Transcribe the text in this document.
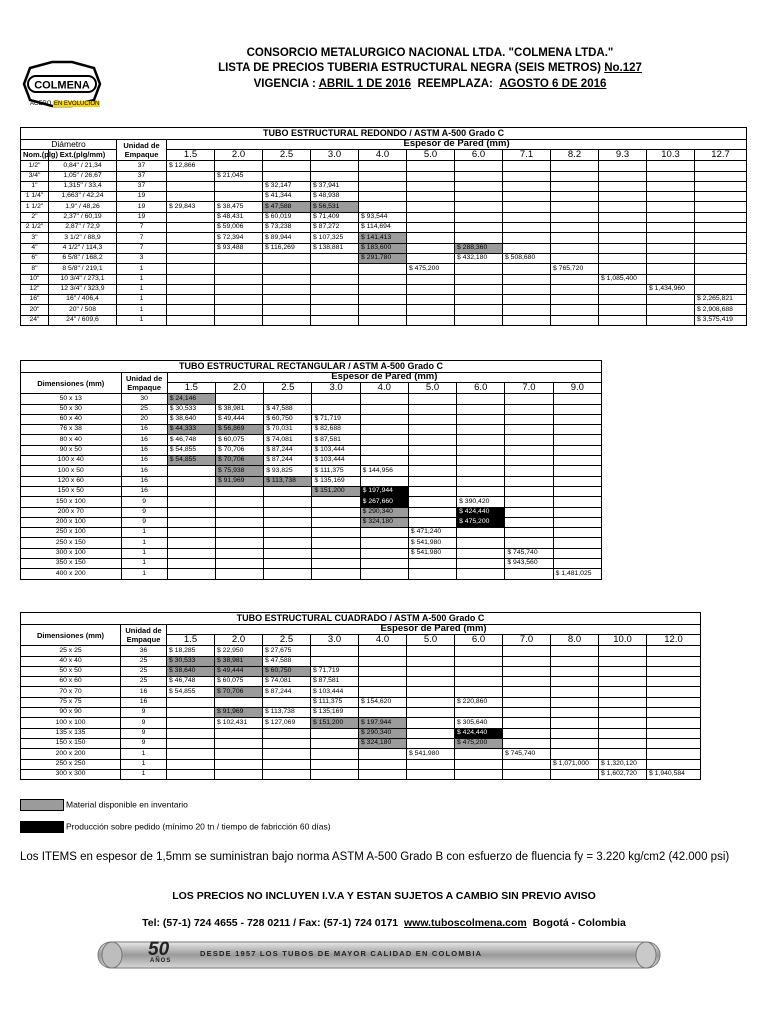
COLMENA
ACERO EN EVOLUCIÓN
CONSORCIO METALURGICO NACIONAL LTDA. "COLMENA LTDA."
LISTA DE PRECIOS TUBERIA ESTRUCTURAL NEGRA (SEIS METROS) No.127
VIGENCIA : ABRIL 1 DE 2016 REEMPLAZA: AGOSTO 6 DE 2016
TUBO ESTRUCTURAL REDONDO / ASTM A-500 Grado C														
Diámetro		Unidad de Empaque	Espesor de Pared (mm)											
Nom.(plg)	Ext.(plg/mm)		1.5	2.0	2.5	3.0	4.0	5.0	6.0	7.1	8.2	9.3	10.3	12.7
1/2"	0,84" / 21,34	37	$ 12,866											
3/4"	1,05" / 26,67	37		$ 21,045										
1"	1,315" / 33,4	37			$ 32,147	$ 37,941								
1 1/4"	1,663" / 42,24	19			$ 41,344	$ 48,938								
1 1/2"	1,9" / 48,26	19	$ 29,843	$ 38,475	$ 47,588	$ 56,531								
2"	2,37" / 60,19	19		$ 48,431	$ 60,019	$ 71,409	$ 93,544							
2 1/2"	2,87" / 72,9	7		$ 59,006	$ 73,238	$ 87,272	$ 114,694							
3"	3 1/2" / 88,9	7		$ 72,394	$ 89,944	$ 107,325	$ 141,413							
4"	4 1/2" / 114,3	7		$ 93,488	$ 116,269	$ 138,881	$ 183,600		$ 288,360					
6"	6 5/8" / 168,2	3					$ 291,780		$ 432,180	$ 508,680				
8"	8 5/8" / 219,1	1						$ 475,200			$ 765,720			
10"	10 3/4" / 273,1	1										$ 1,085,400		
12"	12 3/4" / 323,9	1											$ 1,434,960	
16"	16" / 406,4	1												$ 2,265,821
20"	20" / 508	1												$ 2,908,688
24"	24" / 609,6	1												$ 3,575,419
TUBO ESTRUCTURAL RECTANGULAR / ASTM A-500 Grado C										
Dimensiones (mm)	Unidad de Empaque	Espesor de Pared (mm)								
		1.5	2.0	2.5	3.0	4.0	5.0	6.0	7.0	9.0
50 x 13	30	$ 24,146								
50 x 30	25	$ 30,533	$ 38,981	$ 47,588						
60 x 40	20	$ 38,640	$ 49,444	$ 60,750	$ 71,719					
76 x 38	16	$ 44,333	$ 56,869	$ 70,031	$ 82,688					
80 x 40	16	$ 46,748	$ 60,075	$ 74,081	$ 87,581					
90 x 50	16	$ 54,855	$ 70,706	$ 87,244	$ 103,444					
100 x 40	16	$ 54,855	$ 70,706	$ 87,244	$ 103,444					
100 x 50	16		$ 75,938	$ 93,825	$ 111,375	$ 144,956				
120 x 60	16		$ 91,969	$ 113,738	$ 135,169					
150 x 50	16				$ 151,200	$ 197,944				
150 x 100	9					$ 267,660		$ 390,420		
200 x 70	9					$ 290,340		$ 424,440		
200 x 100	9					$ 324,180		$ 475,200		
250 x 100	1						$ 471,240			
250 x 150	1						$ 541,980			
300 x 100	1						$ 541,980		$ 745,740	
350 x 150	1								$ 943,560	
400 x 200	1									$ 1,481,025
TUBO ESTRUCTURAL CUADRADO / ASTM A-500 Grado C												
Dimensiones (mm)	Unidad de Empaque	Espesor de Pared (mm)										
		1.5	2.0	2.5	3.0	4.0	5.0	6.0	7.0	8.0	10.0	12.0
25 x 25	36	$ 18,285	$ 22,950	$ 27,675								
40 x 40	25	$ 30,533	$ 38,981	$ 47,588								
50 x 50	25	$ 38,640	$ 49,444	$ 60,750	$ 71,719							
60 x 60	25	$ 46,748	$ 60,075	$ 74,081	$ 87,581							
70 x 70	16	$ 54,855	$ 70,706	$ 87,244	$ 103,444							
75 x 75	16				$ 111,375	$ 154,620		$ 220,860				
90 x 90	9		$ 91,969	$ 113,738	$ 135,169							
100 x 100	9		$ 102,431	$ 127,069	$ 151,200	$ 197,944		$ 305,640				
135 x 135	9					$ 290,340		$ 424,440				
150 x 150	9					$ 324,180		$ 475,200				
200 x 200	1						$ 541,980		$ 745,740			
250 x 250	1									$ 1,071,000	$ 1,320,120	
300 x 300	1										$ 1,602,720	$ 1,940,584
Material disponible en inventario
Producción sobre pedido (mínimo 20 tn / tiempo de fabricción 60 días)
Los ITEMS en espesor de 1,5mm se suministran bajo norma ASTM A-500 Grado B con esfuerzo de fluencia fy = 3.220 kg/cm2 (42.000 psi)
LOS PRECIOS NO INCLUYEN I.V.A Y ESTAN SUJETOS A CAMBIO SIN PREVIO AVISO
Tel: (57-1) 724 4655 - 728 0211 / Fax: (57-1) 724 0171 www.tuboscolmena.com Bogotá - Colombia
50
AÑOS
DESDE 1957 LOS TUBOS DE MAYOR CALIDAD EN COLOMBIA
